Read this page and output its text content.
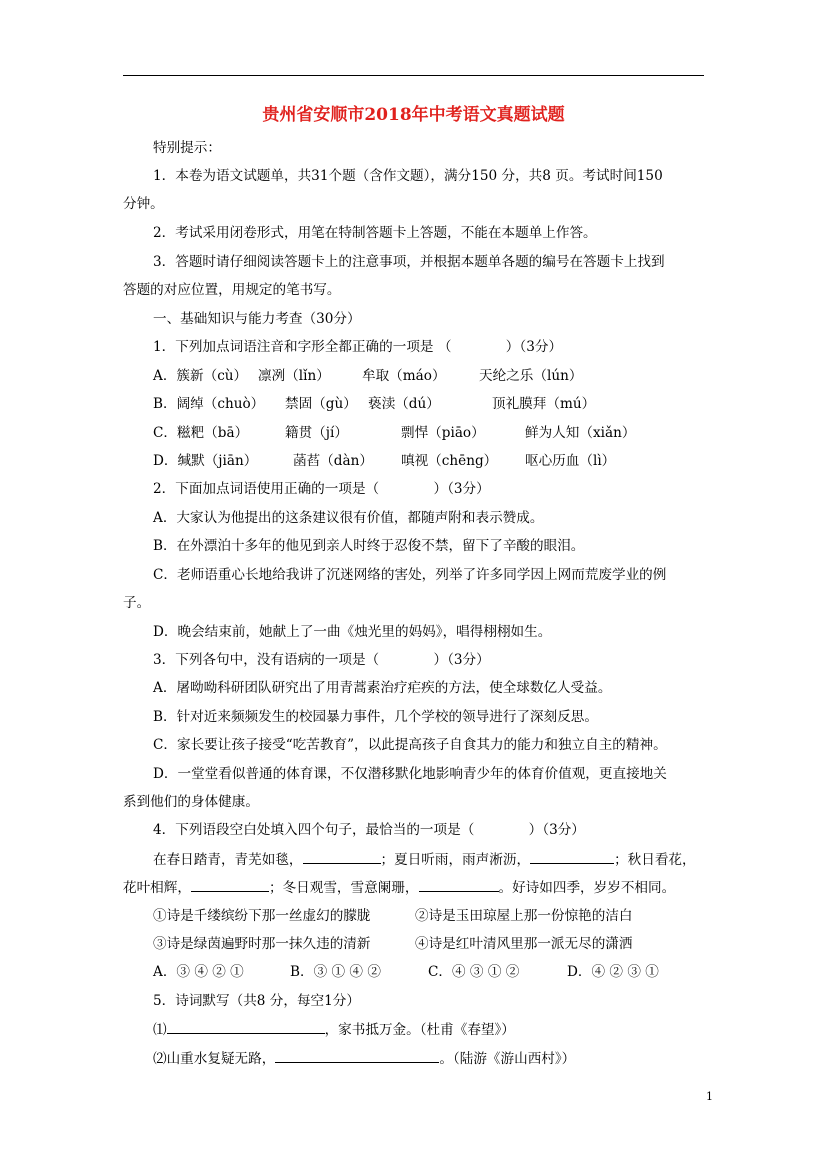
贵州省安顺市2018年中考语文真题试题
特别提示：
1．本卷为语文试题单，共31个题（含作文题），满分150 分，共8 页。考试时间150
分钟。
2．考试采用闭卷形式，用笔在特制答题卡上答题，不能在本题单上作答。
3．答题时请仔细阅读答题卡上的注意事项，并根据本题单各题的编号在答题卡上找到
答题的对应位置，用规定的笔书写。
一、基础知识与能力考查（30分）
1．下列加点词语注音和字形全都正确的一项是 （　　　　）（3分）
A．簇新（cù） 凛冽（lǐn） 牟取（máo） 天纶之乐（lún）
B．阔绰（chuò） 禁固（gù） 亵渎（dú）	顶礼膜拜（mú）
C．糍粑（bā）	籍贯（jí）	剽悍（piāo）	鲜为人知（xiǎn）
D．缄默（jiān）	菡萏（dàn） 嗔视（chēng） 呕心历血（lì）
2．下面加点词语使用正确的一项是（　　　　）（3分）
A．大家认为他提出的这条建议很有价值，都随声附和表示赞成。
B．在外漂泊十多年的他见到亲人时终于忍俊不禁，留下了辛酸的眼泪。
C．老师语重心长地给我讲了沉迷网络的害处，列举了许多同学因上网而荒废学业的例
子。
D．晚会结束前，她献上了一曲《烛光里的妈妈》，唱得栩栩如生。
3．下列各句中，没有语病的一项是（　　　　）（3分）
A．屠呦呦科研团队研究出了用青蒿素治疗疟疾的方法，使全球数亿人受益。
B．针对近来频频发生的校园暴力事件，几个学校的领导进行了深刻反思。
C．家长要让孩子接受“吃苦教育”，以此提高孩子自食其力的能力和独立自主的精神。
D．一堂堂看似普通的体育课，不仅潜移默化地影响青少年的体育价值观，更直接地关
系到他们的身体健康。
4．下列语段空白处填入四个句子，最恰当的一项是（　　　　）（3分）
在春日踏青，青芜如毯，	；夏日听雨，雨声淅沥，	；秋日看花，
花叶相辉，	；冬日观雪，雪意阑珊，	。好诗如四季，岁岁不相同。
①诗是千缕缤纷下那一丝虚幻的朦胧	②诗是玉田琼屋上那一份惊艳的洁白
③诗是绿茵遍野时那一抹久违的清新	④诗是红叶清风里那一派无尽的潇洒
A．③ ④ ② ①	B．③ ① ④ ②	C．④ ③ ① ②	D．④ ② ③ ①
5．诗词默写（共8 分，每空1分）
⑴	，家书抵万金。（杜甫《春望》）
⑵山重水复疑无路，	。（陆游《游山西村》）
1
